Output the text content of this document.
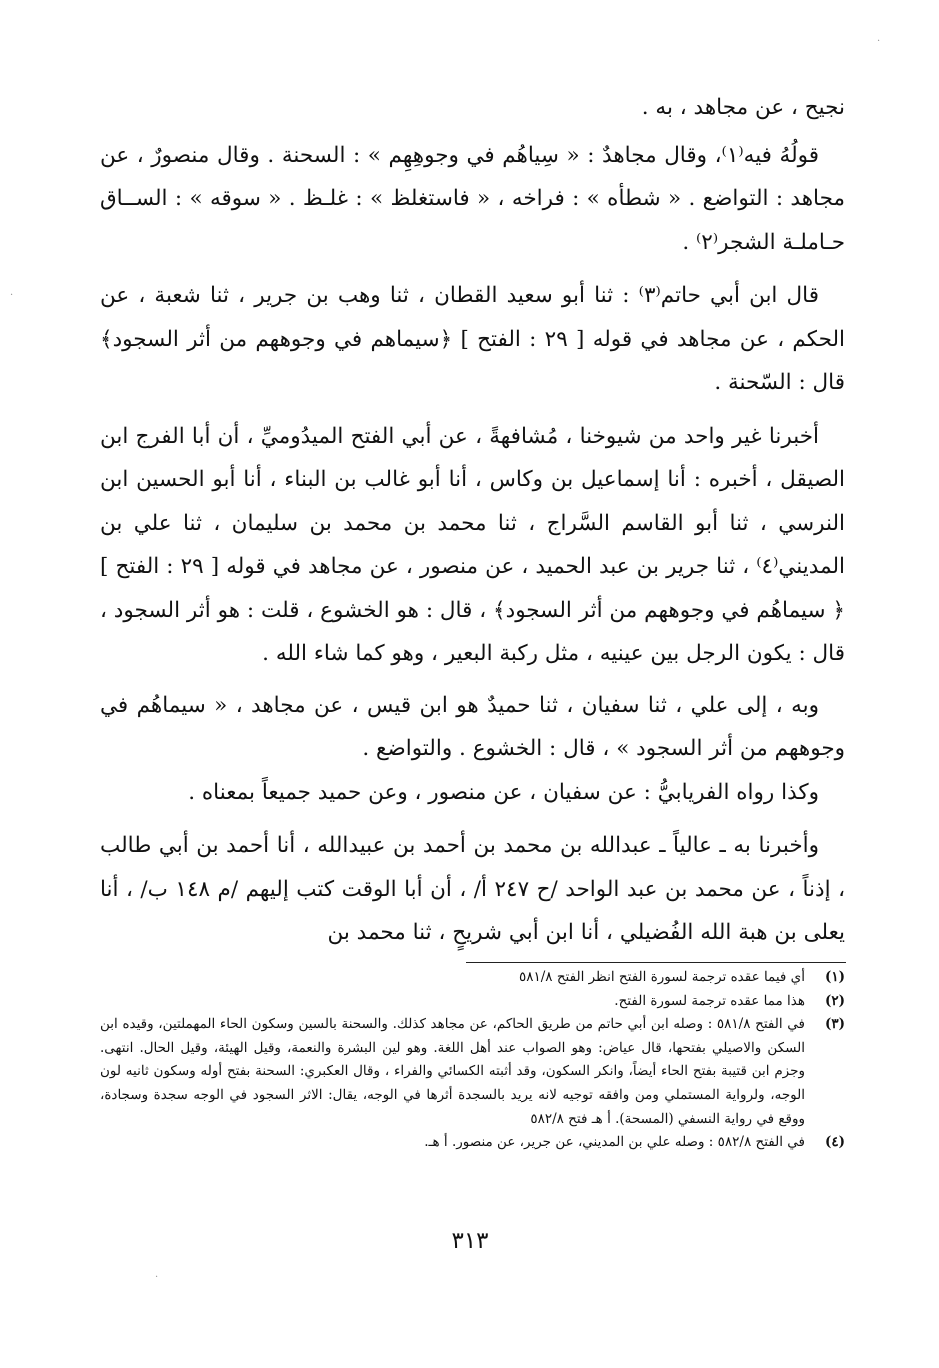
نجيح ، عن مجاهد ، به .

قولُهُ فيه⁽١⁾، وقال مجاهدٌ : « سِياهُم في وجوهِهِم » : السحنة . وقال منصورٌ ، عن مجاهد : التواضع . « شطأه » : فراخه ، « فاستغلظ » : غلـظ . « سوقه » : الســاق حـاملـة الشجر⁽٢⁾ .

قال ابن أبي حاتم⁽٣⁾ : ثنا أبو سعيد القطان ، ثنا وهب بن جرير ، ثنا شعبة ، عن الحكم ، عن مجاهد في قوله [ ٢٩ : الفتح ] ﴿سيماهم في وجوههم من أثر السجود﴾ قال : السّحنة .

أخبرنا غير واحد من شيوخنا ، مُشافهةً ، عن أبي الفتح الميدُوميِّ ، أن أبا الفرج ابن الصيقل ، أخبره : أنا إسماعيل بن وكاس ، أنا أبو غالب بن البناء ، أنا أبو الحسين ابن النرسي ، ثنا أبو القاسم السَّراج ، ثنا محمد بن محمد بن سليمان ، ثنا علي بن المديني⁽٤⁾ ، ثنا جرير بن عبد الحميد ، عن منصور ، عن مجاهد في قوله [ ٢٩ : الفتح ] ﴿ سيماهُم في وجوههم من أثر السجود﴾ ، قال : هو الخشوع ، قلت : هو أثر السجود ، قال : يكون الرجل بين عينيه ، مثل ركبة البعير ، وهو كما شاء الله .

وبه ، إلى علي ، ثنا سفيان ، ثنا حميدٌ هو ابن قيس ، عن مجاهد ، « سيماهُم في وجوههم من أثر السجود » ، قال : الخشوع . والتواضع .

وكذا رواه الفريابيُّ : عن سفيان ، عن منصور ، وعن حميد جميعاً بمعناه .

وأخبرنا به ـ عالياً ـ عبدالله بن محمد بن أحمد بن عبيدالله ، أنا أحمد بن أبي طالب ، إذناً ، عن محمد بن عبد الواحد /ح ٢٤٧ أ/ ، أن أبا الوقت كتب إليهم /م ١٤٨ ب/ ، أنا يعلى بن هبة الله الفُضيلي ، أنا ابن أبي شريحٍ ، ثنا محمد بن

(١)
أي فيما عقده ترجمة لسورة الفتح انظر الفتح ٥٨١/٨
(٢)
هذا مما عقده ترجمة لسورة الفتح.
(٣)
في الفتح ٥٨١/٨ : وصله ابن أبي حاتم من طريق الحاكم، عن مجاهد كذلك. والسحنة بالسين وسكون الحاء المهملتين، وقيده ابن السكن والاصيلي بفتحها، قال عياض: وهو الصواب عند أهل اللغة. وهو لين البشرة والنعمة، وقيل الهيئة، وقيل الحال. انتهى. وجزم ابن قتيبة بفتح الحاء أيضاً، وانكر السكون، وقد أثبته الكسائي والفراء ، وقال العكبري: السحنة بفتح أوله وسكون ثانيه لون الوجه، ولرواية المستملي ومن وافقه توجيه لانه يريد بالسجدة أثرها في الوجه، يقال: الاثر السجود في الوجه سجدة وسجادة، ووقع في رواية النسفي (المسحة). أ هـ فتح ٥٨٢/٨
(٤)
في الفتح ٥٨٢/٨ : وصله علي بن المديني، عن جرير، عن منصور. أ هـ.
٣١٣
·
·
·
